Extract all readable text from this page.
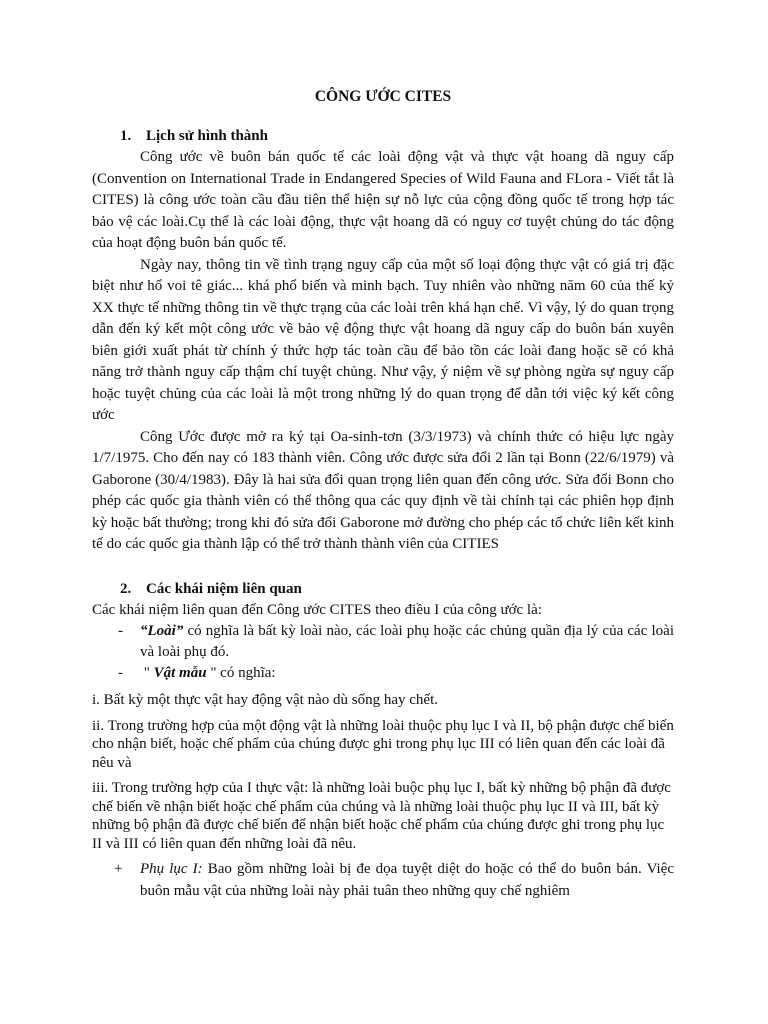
CÔNG ƯỚC CITES
1. Lịch sử hình thành

Công ước về buôn bán quốc tế các loài động vật và thực vật hoang dã nguy cấp (Convention on International Trade in Endangered Species of Wild Fauna and FLora - Viết tắt là CITES) là công ước toàn cầu đầu tiên thể hiện sự nỗ lực của cộng đồng quốc tế trong hợp tác bảo vệ các loài.Cụ thể là các loài động, thực vật hoang dã có nguy cơ tuyệt chủng do tác động của hoạt động buôn bán quốc tế.

Ngày nay, thông tin về tình trạng nguy cấp của một số loại động thực vật có giá trị đặc biệt như hổ voi tê giác... khá phổ biến và minh bạch. Tuy nhiên vào những năm 60 của thế kỷ XX thực tế những thông tin về thực trạng của các loài trên khá hạn chế. Vì vậy, lý do quan trọng dẫn đến ký kết một công ước về bảo vệ động thực vật hoang dã nguy cấp do buôn bán xuyên biên giới xuất phát từ chính ý thức hợp tác toàn cầu để bảo tồn các loài đang hoặc sẽ có khả năng trở thành nguy cấp thậm chí tuyệt chủng. Như vậy, ý niệm về sự phòng ngừa sự nguy cấp hoặc tuyệt chủng của các loài là một trong những lý do quan trọng để dẫn tới việc ký kết công ước

Công Ước được mở ra ký tại Oa-sinh-tơn (3/3/1973) và chính thức có hiệu lực ngày 1/7/1975. Cho đến nay có 183 thành viên. Công ước được sửa đổi 2 lần tại Bonn (22/6/1979) và Gaborone (30/4/1983). Đây là hai sửa đổi quan trọng liên quan đến công ước. Sửa đổi Bonn cho phép các quốc gia thành viên có thể thông qua các quy định về tài chính tại các phiên họp định kỳ hoặc bất thường; trong khi đó sửa đổi Gaborone mở đường cho phép các tổ chức liên kết kinh tế do các quốc gia thành lập có thể trở thành thành viên của CITIES

2. Các khái niệm liên quan

Các khái niệm liên quan đến Công ước CITES theo điều I của công ước là:

-	“Loài” có nghĩa là bất kỳ loài nào, các loài phụ hoặc các chủng quần địa lý của các loài và loài phụ đó.
-	" Vật mẫu " có nghĩa:

i. Bất kỳ một thực vật hay động vật nào dù sống hay chết.

ii. Trong trường hợp của một động vật là những loài thuộc phụ lục I và II, bộ phận được chế biến cho nhận biết, hoặc chế phẩm của chúng được ghi trong phụ lục III có liên quan đến các loài đã nêu và

iii. Trong trường hợp của I thực vật: là những loài buộc phụ lục I, bất kỳ những bộ phận đã được chế biến về nhận biết hoặc chế phẩm của chúng và là những loài thuộc phụ lục II và III, bất kỳ những bộ phận đã được chế biến để nhận biết hoặc chế phẩm của chúng được ghi trong phụ lục II và III có liên quan đến những loài đã nêu.

+	Phụ lục I: Bao gồm những loài bị đe dọa tuyệt diệt do hoặc có thể do buôn bán. Việc buôn mẫu vật của những loài này phải tuân theo những quy chế nghiêm
